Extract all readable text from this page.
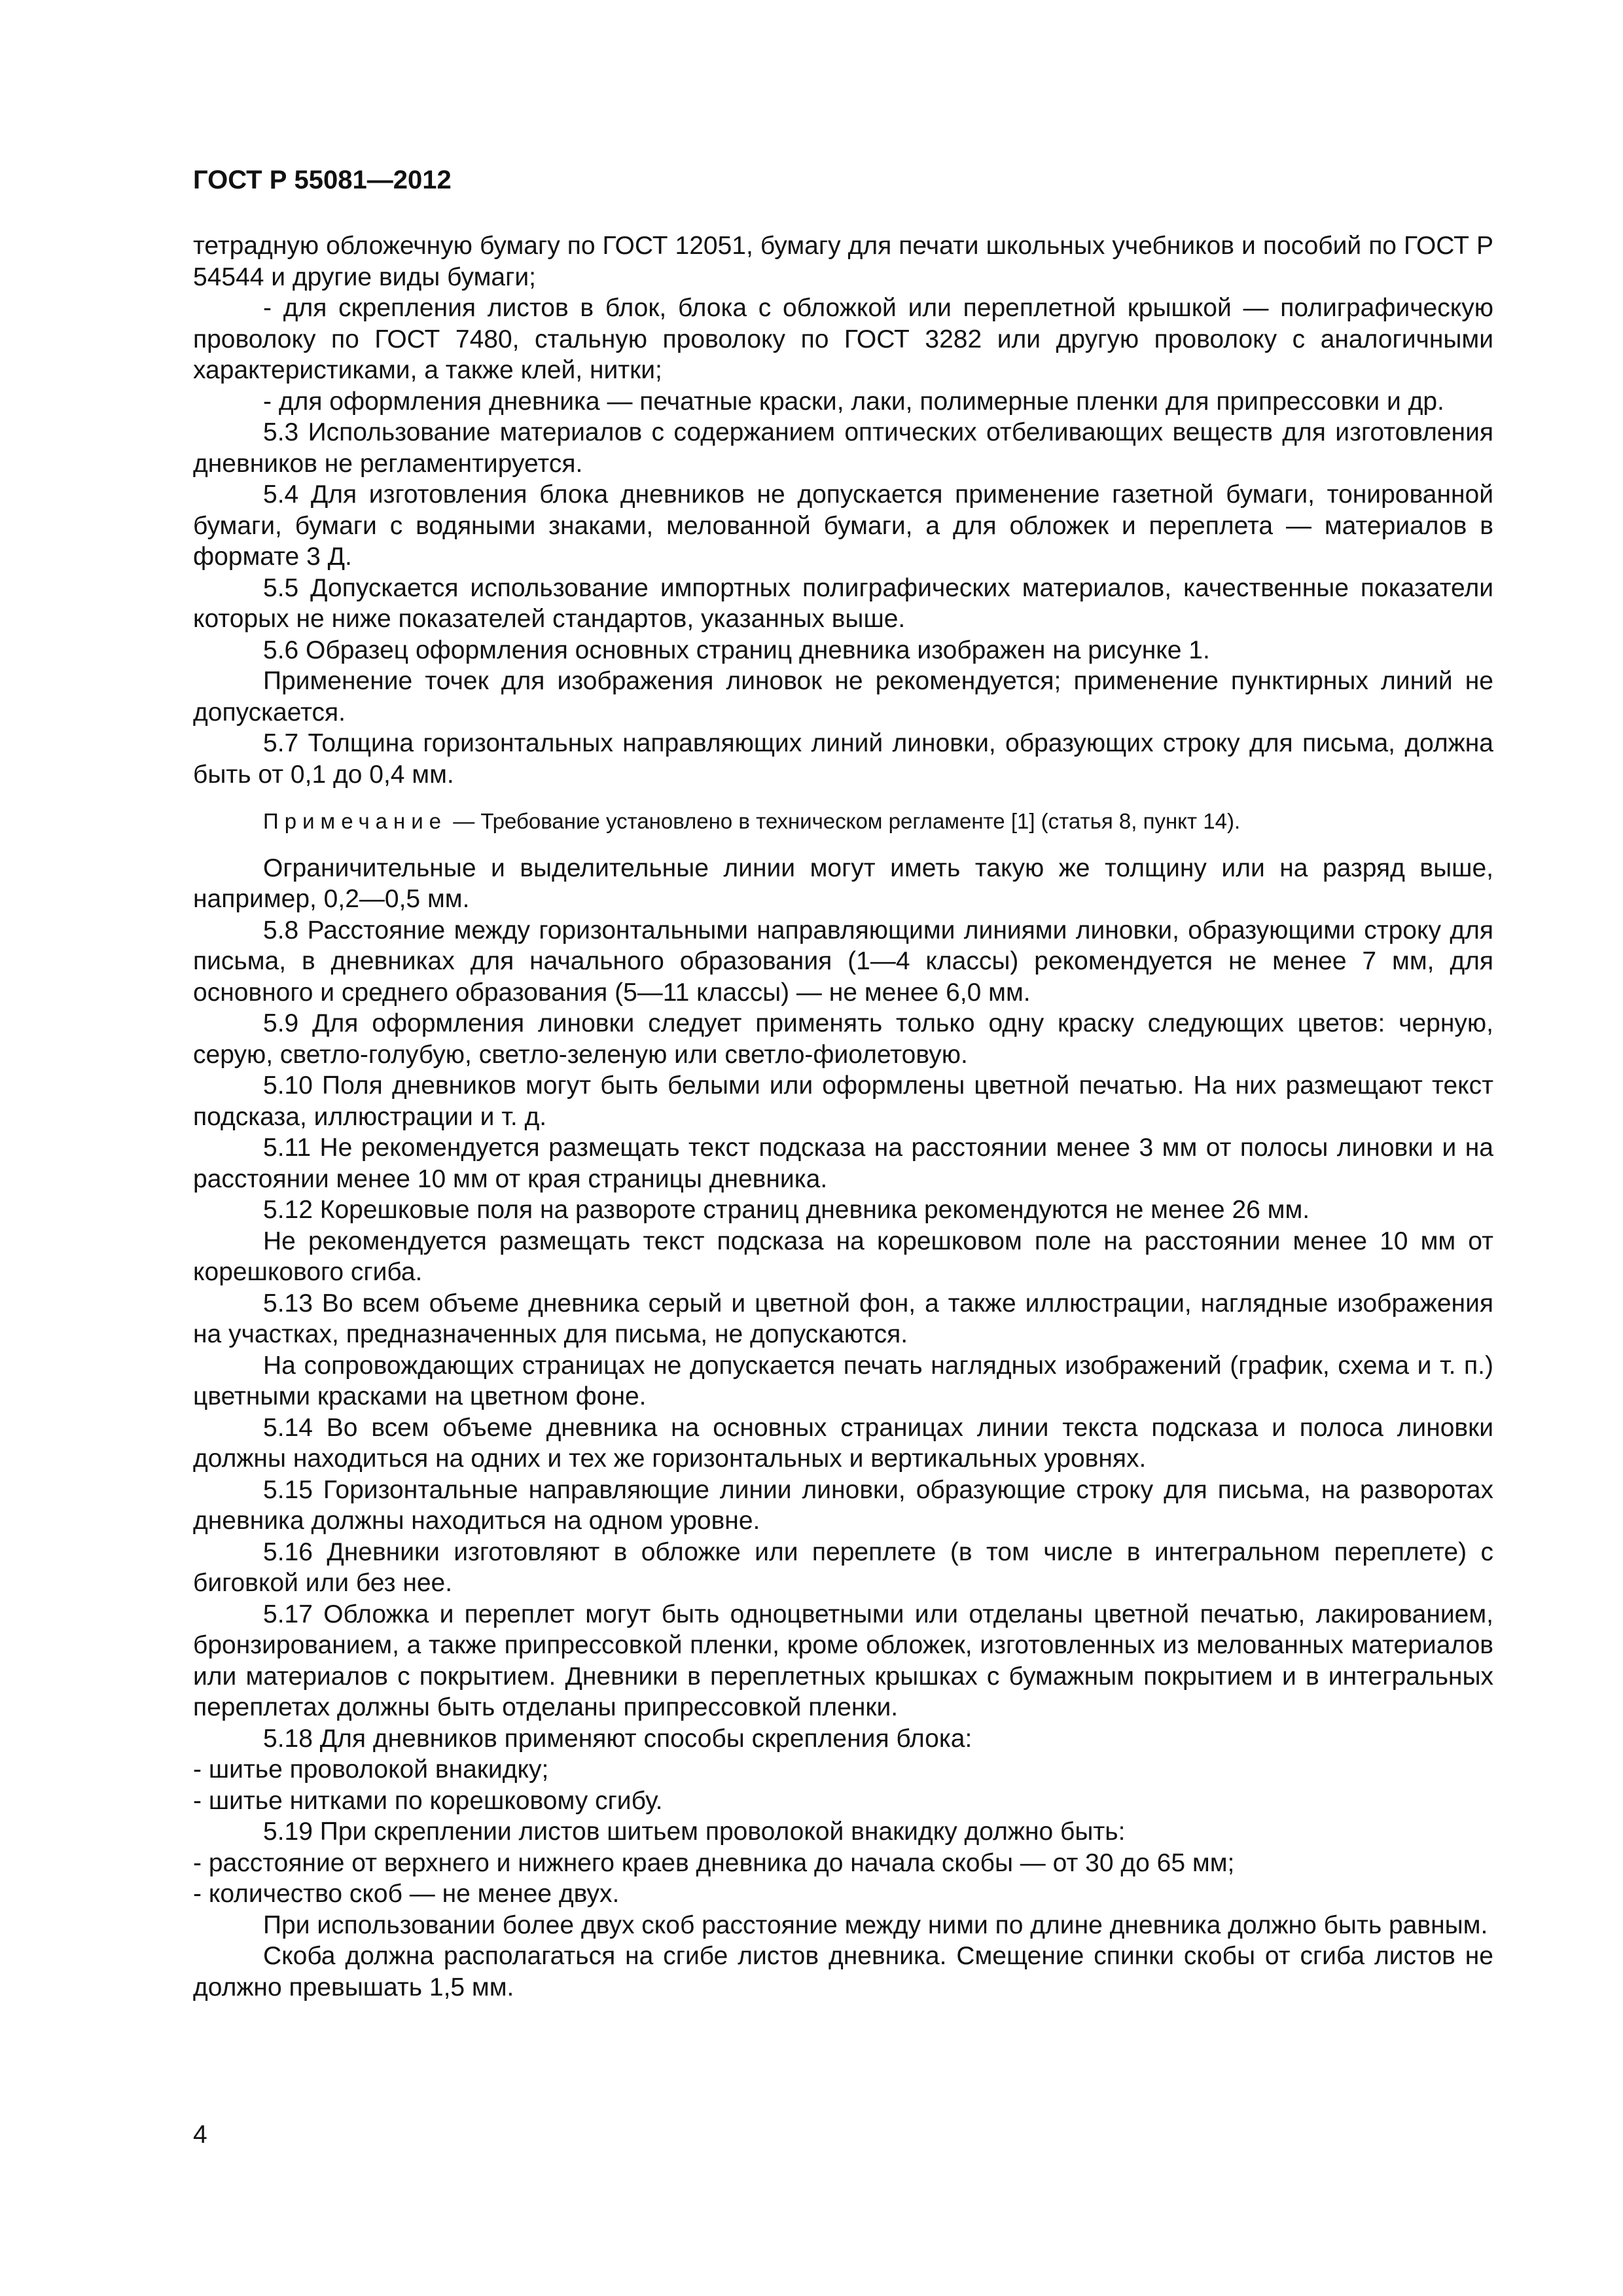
ГОСТ Р 55081—2012

тетрадную обложечную бумагу по ГОСТ 12051, бумагу для печати школьных учебников и пособий по ГОСТ Р 54544 и другие виды бумаги;

- для скрепления листов в блок, блока с обложкой или переплетной крышкой — полиграфическую проволоку по ГОСТ 7480, стальную проволоку по ГОСТ 3282 или другую проволоку с аналогичными характеристиками, а также клей, нитки;

- для оформления дневника — печатные краски, лаки, полимерные пленки для припрессовки и др.

5.3 Использование материалов с содержанием оптических отбеливающих веществ для изготовления дневников не регламентируется.

5.4 Для изготовления блока дневников не допускается применение газетной бумаги, тонированной бумаги, бумаги с водяными знаками, мелованной бумаги, а для обложек и переплета — материалов в формате 3 Д.

5.5 Допускается использование импортных полиграфических материалов, качественные показатели которых не ниже показателей стандартов, указанных выше.

5.6 Образец оформления основных страниц дневника изображен на рисунке 1.

Применение точек для изображения линовок не рекомендуется; применение пунктирных линий не допускается.

5.7 Толщина горизонтальных направляющих линий линовки, образующих строку для письма, должна быть от 0,1 до 0,4 мм.

Примечание — Требование установлено в техническом регламенте [1] (статья 8, пункт 14).

Ограничительные и выделительные линии могут иметь такую же толщину или на разряд выше, например, 0,2—0,5 мм.

5.8 Расстояние между горизонтальными направляющими линиями линовки, образующими строку для письма, в дневниках для начального образования (1—4 классы) рекомендуется не менее 7 мм, для основного и среднего образования (5—11 классы) — не менее 6,0 мм.

5.9 Для оформления линовки следует применять только одну краску следующих цветов: черную, серую, светло-голубую, светло-зеленую или светло-фиолетовую.

5.10 Поля дневников могут быть белыми или оформлены цветной печатью. На них размещают текст подсказа, иллюстрации и т. д.

5.11 Не рекомендуется размещать текст подсказа на расстоянии менее 3 мм от полосы линовки и на расстоянии менее 10 мм от края страницы дневника.

5.12 Корешковые поля на развороте страниц дневника рекомендуются не менее 26 мм.

Не рекомендуется размещать текст подсказа на корешковом поле на расстоянии менее 10 мм от корешкового сгиба.

5.13 Во всем объеме дневника серый и цветной фон, а также иллюстрации, наглядные изображения на участках, предназначенных для письма, не допускаются.

На сопровождающих страницах не допускается печать наглядных изображений (график, схема и т. п.) цветными красками на цветном фоне.

5.14 Во всем объеме дневника на основных страницах линии текста подсказа и полоса линовки должны находиться на одних и тех же горизонтальных и вертикальных уровнях.

5.15 Горизонтальные направляющие линии линовки, образующие строку для письма, на разворотах дневника должны находиться на одном уровне.

5.16 Дневники изготовляют в обложке или переплете (в том числе в интегральном переплете) с биговкой или без нее.

5.17 Обложка и переплет могут быть одноцветными или отделаны цветной печатью, лакированием, бронзированием, а также припрессовкой пленки, кроме обложек, изготовленных из мелованных материалов или материалов с покрытием. Дневники в переплетных крышках с бумажным покрытием и в интегральных переплетах должны быть отделаны припрессовкой пленки.

5.18 Для дневников применяют способы скрепления блока:

- шитье проволокой внакидку;

- шитье нитками по корешковому сгибу.

5.19 При скреплении листов шитьем проволокой внакидку должно быть:

- расстояние от верхнего и нижнего краев дневника до начала скобы — от 30 до 65 мм;

- количество скоб — не менее двух.

При использовании более двух скоб расстояние между ними по длине дневника должно быть равным.

Скоба должна располагаться на сгибе листов дневника. Смещение спинки скобы от сгиба листов не должно превышать 1,5 мм.

4
